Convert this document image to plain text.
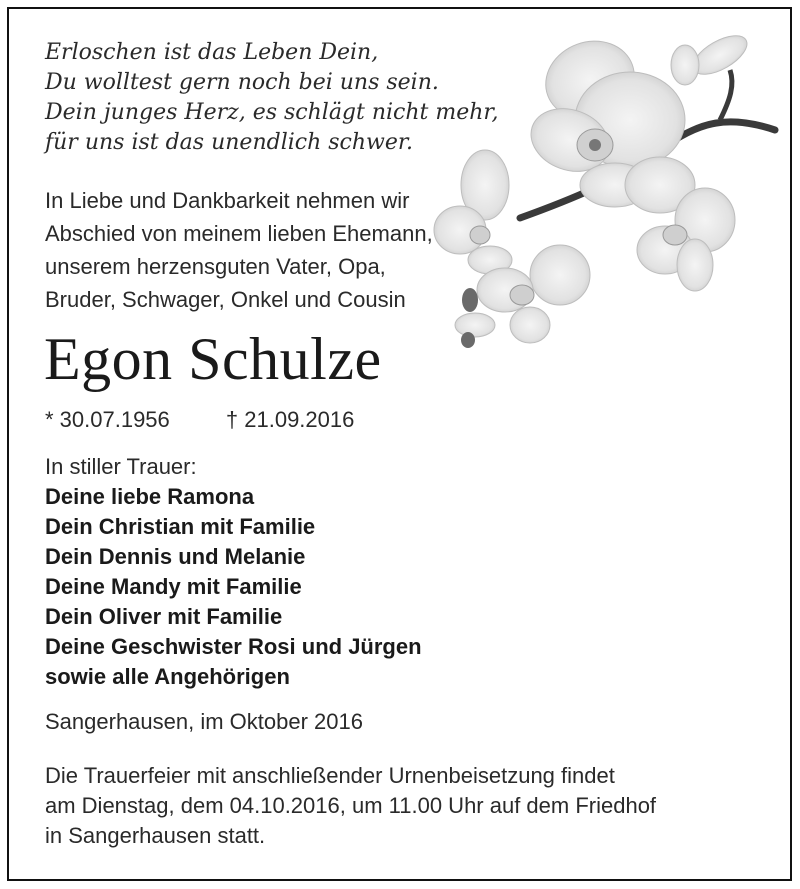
Erloschen ist das Leben Dein,
Du wolltest gern noch bei uns sein.
Dein junges Herz, es schlägt nicht mehr,
für uns ist das unendlich schwer.
In Liebe und Dankbarkeit nehmen wir
Abschied von meinem lieben Ehemann,
unserem herzensguten Vater, Opa,
Bruder, Schwager, Onkel und Cousin
Egon Schulze
* 30.07.1956	† 21.09.2016
In stiller Trauer:
Deine liebe Ramona
Dein Christian mit Familie
Dein Dennis und Melanie
Deine Mandy mit Familie
Dein Oliver mit Familie
Deine Geschwister Rosi und Jürgen
sowie alle Angehörigen
Sangerhausen, im Oktober 2016
Die Trauerfeier mit anschließender Urnenbeisetzung findet
am Dienstag, dem 04.10.2016, um 11.00 Uhr auf dem Friedhof
in Sangerhausen statt.
